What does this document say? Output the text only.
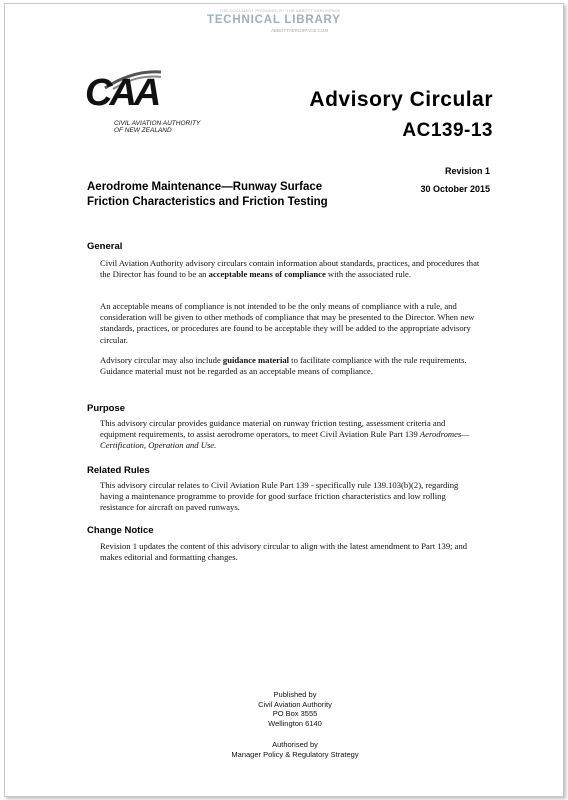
THE DOCUMENT PROVIDED BY THE ABBOTT AEROSPACE
TECHNICAL LIBRARY
ABBOTTAEROSPACE.COM
CAA
CIVIL AVIATION AUTHORITY
OF NEW ZEALAND
Advisory Circular
AC139-13
Revision 1
30 October 2015
Aerodrome Maintenance—Runway Surface Friction Characteristics and Friction Testing
General
Civil Aviation Authority advisory circulars contain information about standards, practices, and procedures that the Director has found to be an acceptable means of compliance with the associated rule.
An acceptable means of compliance is not intended to be the only means of compliance with a rule, and consideration will be given to other methods of compliance that may be presented to the Director. When new standards, practices, or procedures are found to be acceptable they will be added to the appropriate advisory circular.
Advisory circular may also include guidance material to facilitate compliance with the rule requirements. Guidance material must not be regarded as an acceptable means of compliance.
Purpose
This advisory circular provides guidance material on runway friction testing, assessment criteria and equipment requirements, to assist aerodrome operators, to meet Civil Aviation Rule Part 139 Aerodromes—Certification, Operation and Use.
Related Rules
This advisory circular relates to Civil Aviation Rule Part 139 - specifically rule 139.103(b)(2), regarding having a maintenance programme to provide for good surface friction characteristics and low rolling resistance for aircraft on paved runways.
Change Notice
Revision 1 updates the content of this advisory circular to align with the latest amendment to Part 139; and makes editorial and formatting changes.
Published by
Civil Aviation Authority
PO Box 3555
Wellington 6140
Authorised by
Manager Policy & Regulatory Strategy
